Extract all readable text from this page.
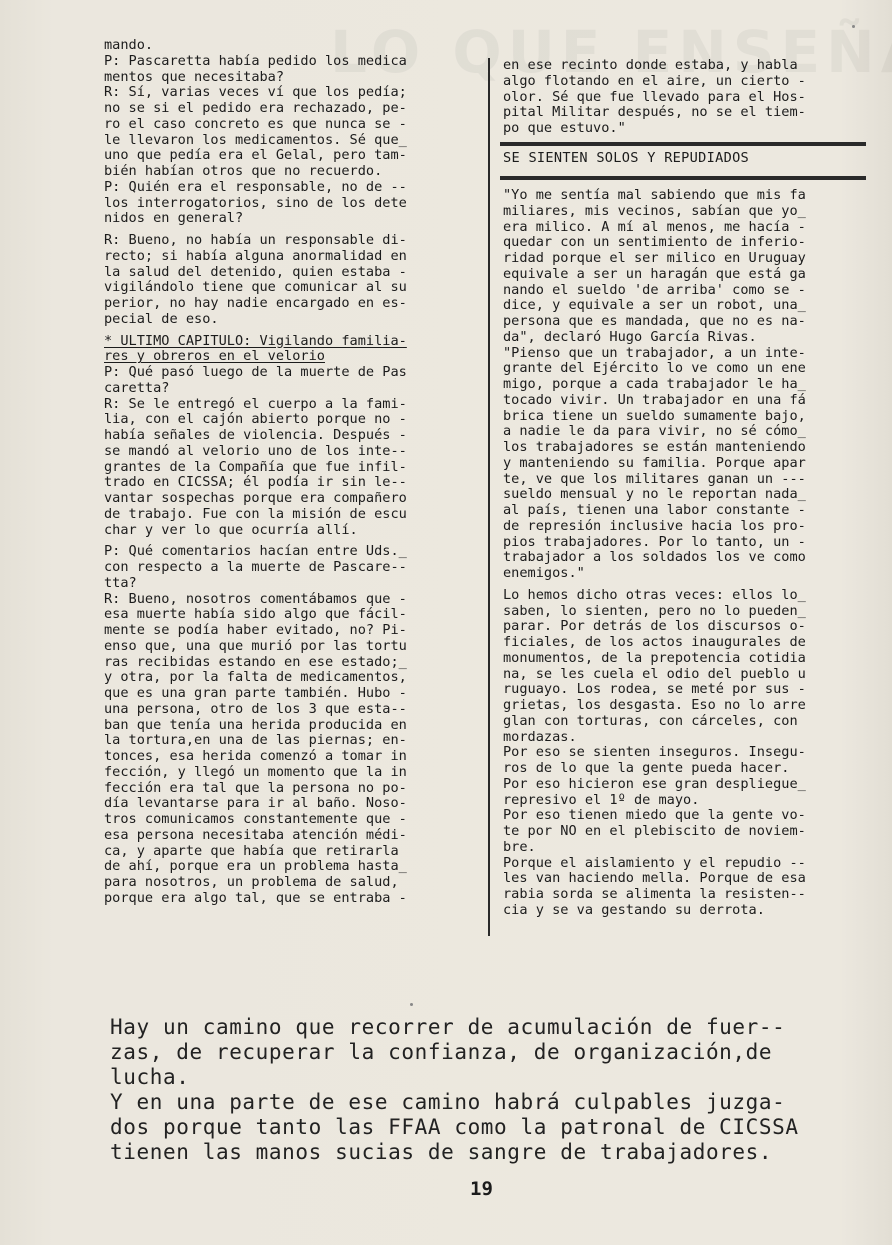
mando.

P: Pascaretta había pedido los medica

mentos que necesitaba?

R: Sí, varias veces ví que los pedía;

no se si el pedido era rechazado, pe-

ro el caso concreto es que nunca se -

le llevaron los medicamentos. Sé que_

uno que pedía era el Gelal, pero tam-

bién habían otros que no recuerdo.

P: Quién era el responsable, no de --

los interrogatorios, sino de los dete

nidos en general?

R: Bueno, no había un responsable di-

recto; si había alguna anormalidad en

la salud del detenido, quien estaba -

vigilándolo tiene que comunicar al su

perior, no hay nadie encargado en es-

pecial de eso.

* ULTIMO CAPITULO: Vigilando familia-

res y obreros en el velorio

P: Qué pasó luego de la muerte de Pas

caretta?

R: Se le entregó el cuerpo a la fami-

lia, con el cajón abierto porque no -

había señales de violencia. Después -

se mandó al velorio uno de los inte--

grantes de la Compañía que fue infil-

trado en CICSSA; él podía ir sin le--

vantar sospechas porque era compañero

de trabajo. Fue con la misión de escu

char y ver lo que ocurría allí.

P: Qué comentarios hacían entre Uds._

con respecto a la muerte de Pascare--

tta?

R: Bueno, nosotros comentábamos que -

esa muerte había sido algo que fácil-

mente se podía haber evitado, no? Pi-

enso que, una que murió por las tortu

ras recibidas estando en ese estado;_

y otra, por la falta de medicamentos,

que es una gran parte también. Hubo -

una persona, otro de los 3 que esta--

ban que tenía una herida producida en

la tortura,en una de las piernas; en-

tonces, esa herida comenzó a tomar in

fección, y llegó un momento que la in

fección era tal que la persona no po-

día levantarse para ir al baño. Noso-

tros comunicamos constantemente que -

esa persona necesitaba atención médi-

ca, y aparte que había que retirarla

de ahí, porque era un problema hasta_

para nosotros, un problema de salud,

porque era algo tal, que se entraba -

en ese recinto donde estaba, y habla

algo flotando en el aire, un cierto -

olor. Sé que fue llevado para el Hos-

pital Militar después, no se el tiem-

po que estuvo."

SE SIENTEN SOLOS Y REPUDIADOS

"Yo me sentía mal sabiendo que mis fa

miliares, mis vecinos, sabían que yo_

era milico. A mí al menos, me hacía -

quedar con un sentimiento de inferio-

ridad porque el ser milico en Uruguay

equivale a ser un haragán que está ga

nando el sueldo 'de arriba' como se -

dice, y equivale a ser un robot, una_

persona que es mandada, que no es na-

da", declaró Hugo García Rivas.

"Pienso que un trabajador, a un inte-

grante del Ejército lo ve como un ene

migo, porque a cada trabajador le ha_

tocado vivir. Un trabajador en una fá

brica tiene un sueldo sumamente bajo,

a nadie le da para vivir, no sé cómo_

los trabajadores se están manteniendo

y manteniendo su familia. Porque apar

te, ve que los militares ganan un ---

sueldo mensual y no le reportan nada_

al país, tienen una labor constante -

de represión inclusive hacia los pro-

pios trabajadores. Por lo tanto, un -

trabajador a los soldados los ve como

enemigos."

Lo hemos dicho otras veces: ellos lo_

saben, lo sienten, pero no lo pueden_

parar. Por detrás de los discursos o-

ficiales, de los actos inaugurales de

monumentos, de la prepotencia cotidia

na, se les cuela el odio del pueblo u

ruguayo. Los rodea, se meté por sus -

grietas, los desgasta. Eso no lo arre

glan con torturas, con cárceles, con

mordazas.

Por eso se sienten inseguros. Insegu-

ros de lo que la gente pueda hacer.

Por eso hicieron ese gran despliegue_

represivo el 1º de mayo.

Por eso tienen miedo que la gente vo-

te por NO en el plebiscito de noviem-

bre.

Porque el aislamiento y el repudio --

les van haciendo mella. Porque de esa

rabia sorda se alimenta la resisten--

cia y se va gestando su derrota.

Hay un camino que recorrer de acumulación de fuer--

zas, de recuperar la confianza, de organización,de

lucha.

Y en una parte de ese camino habrá culpables juzga-

dos porque tanto las FFAA como la patronal de CICSSA

tienen las manos sucias de sangre de trabajadores.

19
